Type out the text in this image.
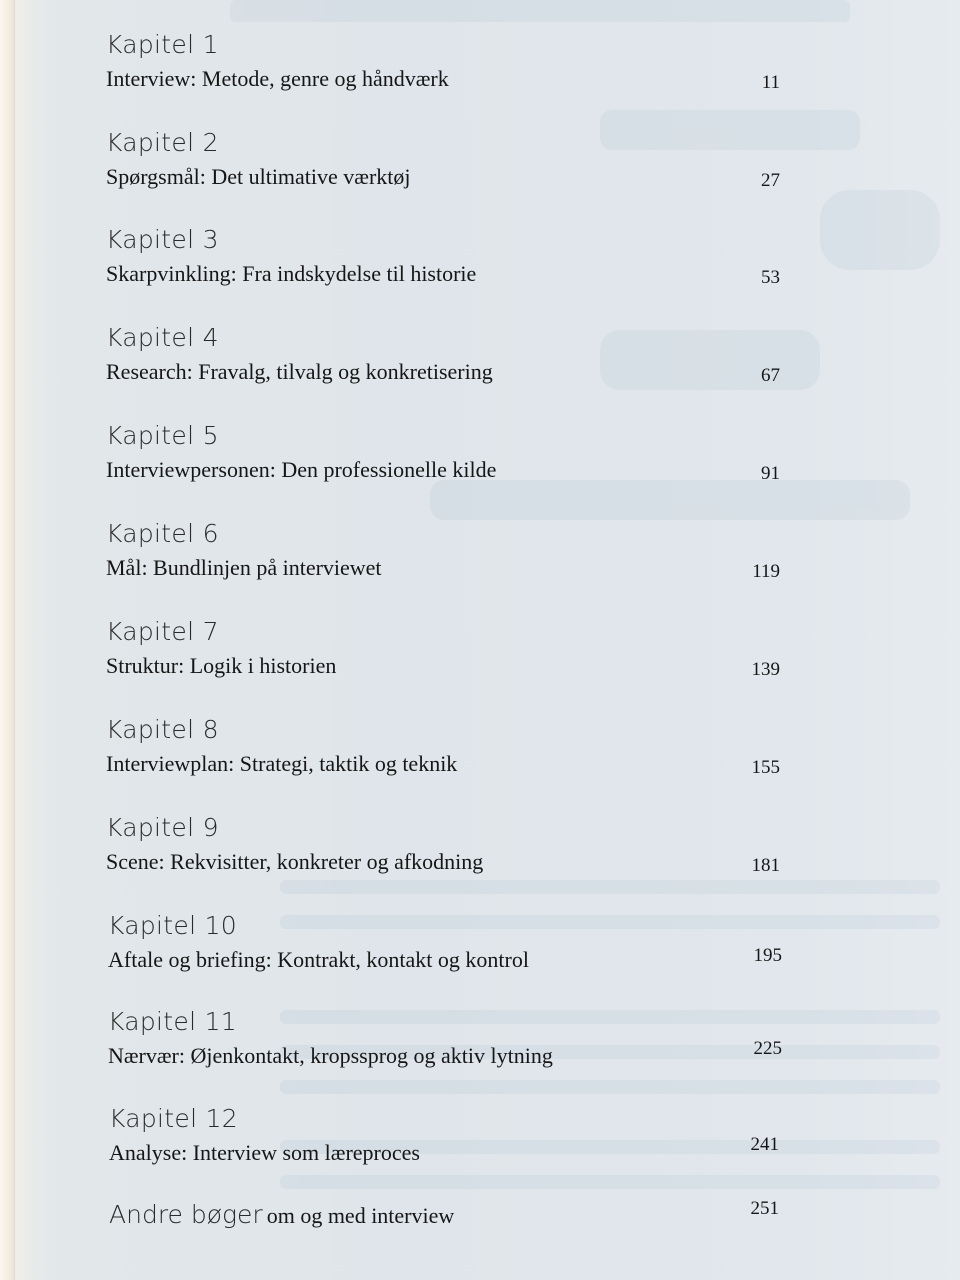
Kapitel 1
Interview: Metode, genre og håndværk	11
Kapitel 2
Spørgsmål: Det ultimative værktøj	27
Kapitel 3
Skarpvinkling: Fra indskydelse til historie	53
Kapitel 4
Research: Fravalg, tilvalg og konkretisering	67
Kapitel 5
Interviewpersonen: Den professionelle kilde	91
Kapitel 6
Mål: Bundlinjen på interviewet	119
Kapitel 7
Struktur: Logik i historien	139
Kapitel 8
Interviewplan: Strategi, taktik og teknik	155
Kapitel 9
Scene: Rekvisitter, konkreter og afkodning	181
Kapitel 10
Aftale og briefing: Kontrakt, kontakt og kontrol	195
Kapitel 11
Nærvær: Øjenkontakt, kropssprog og aktiv lytning	225
Kapitel 12
Analyse: Interview som læreproces	241
Andre bøger om og med interview	251
